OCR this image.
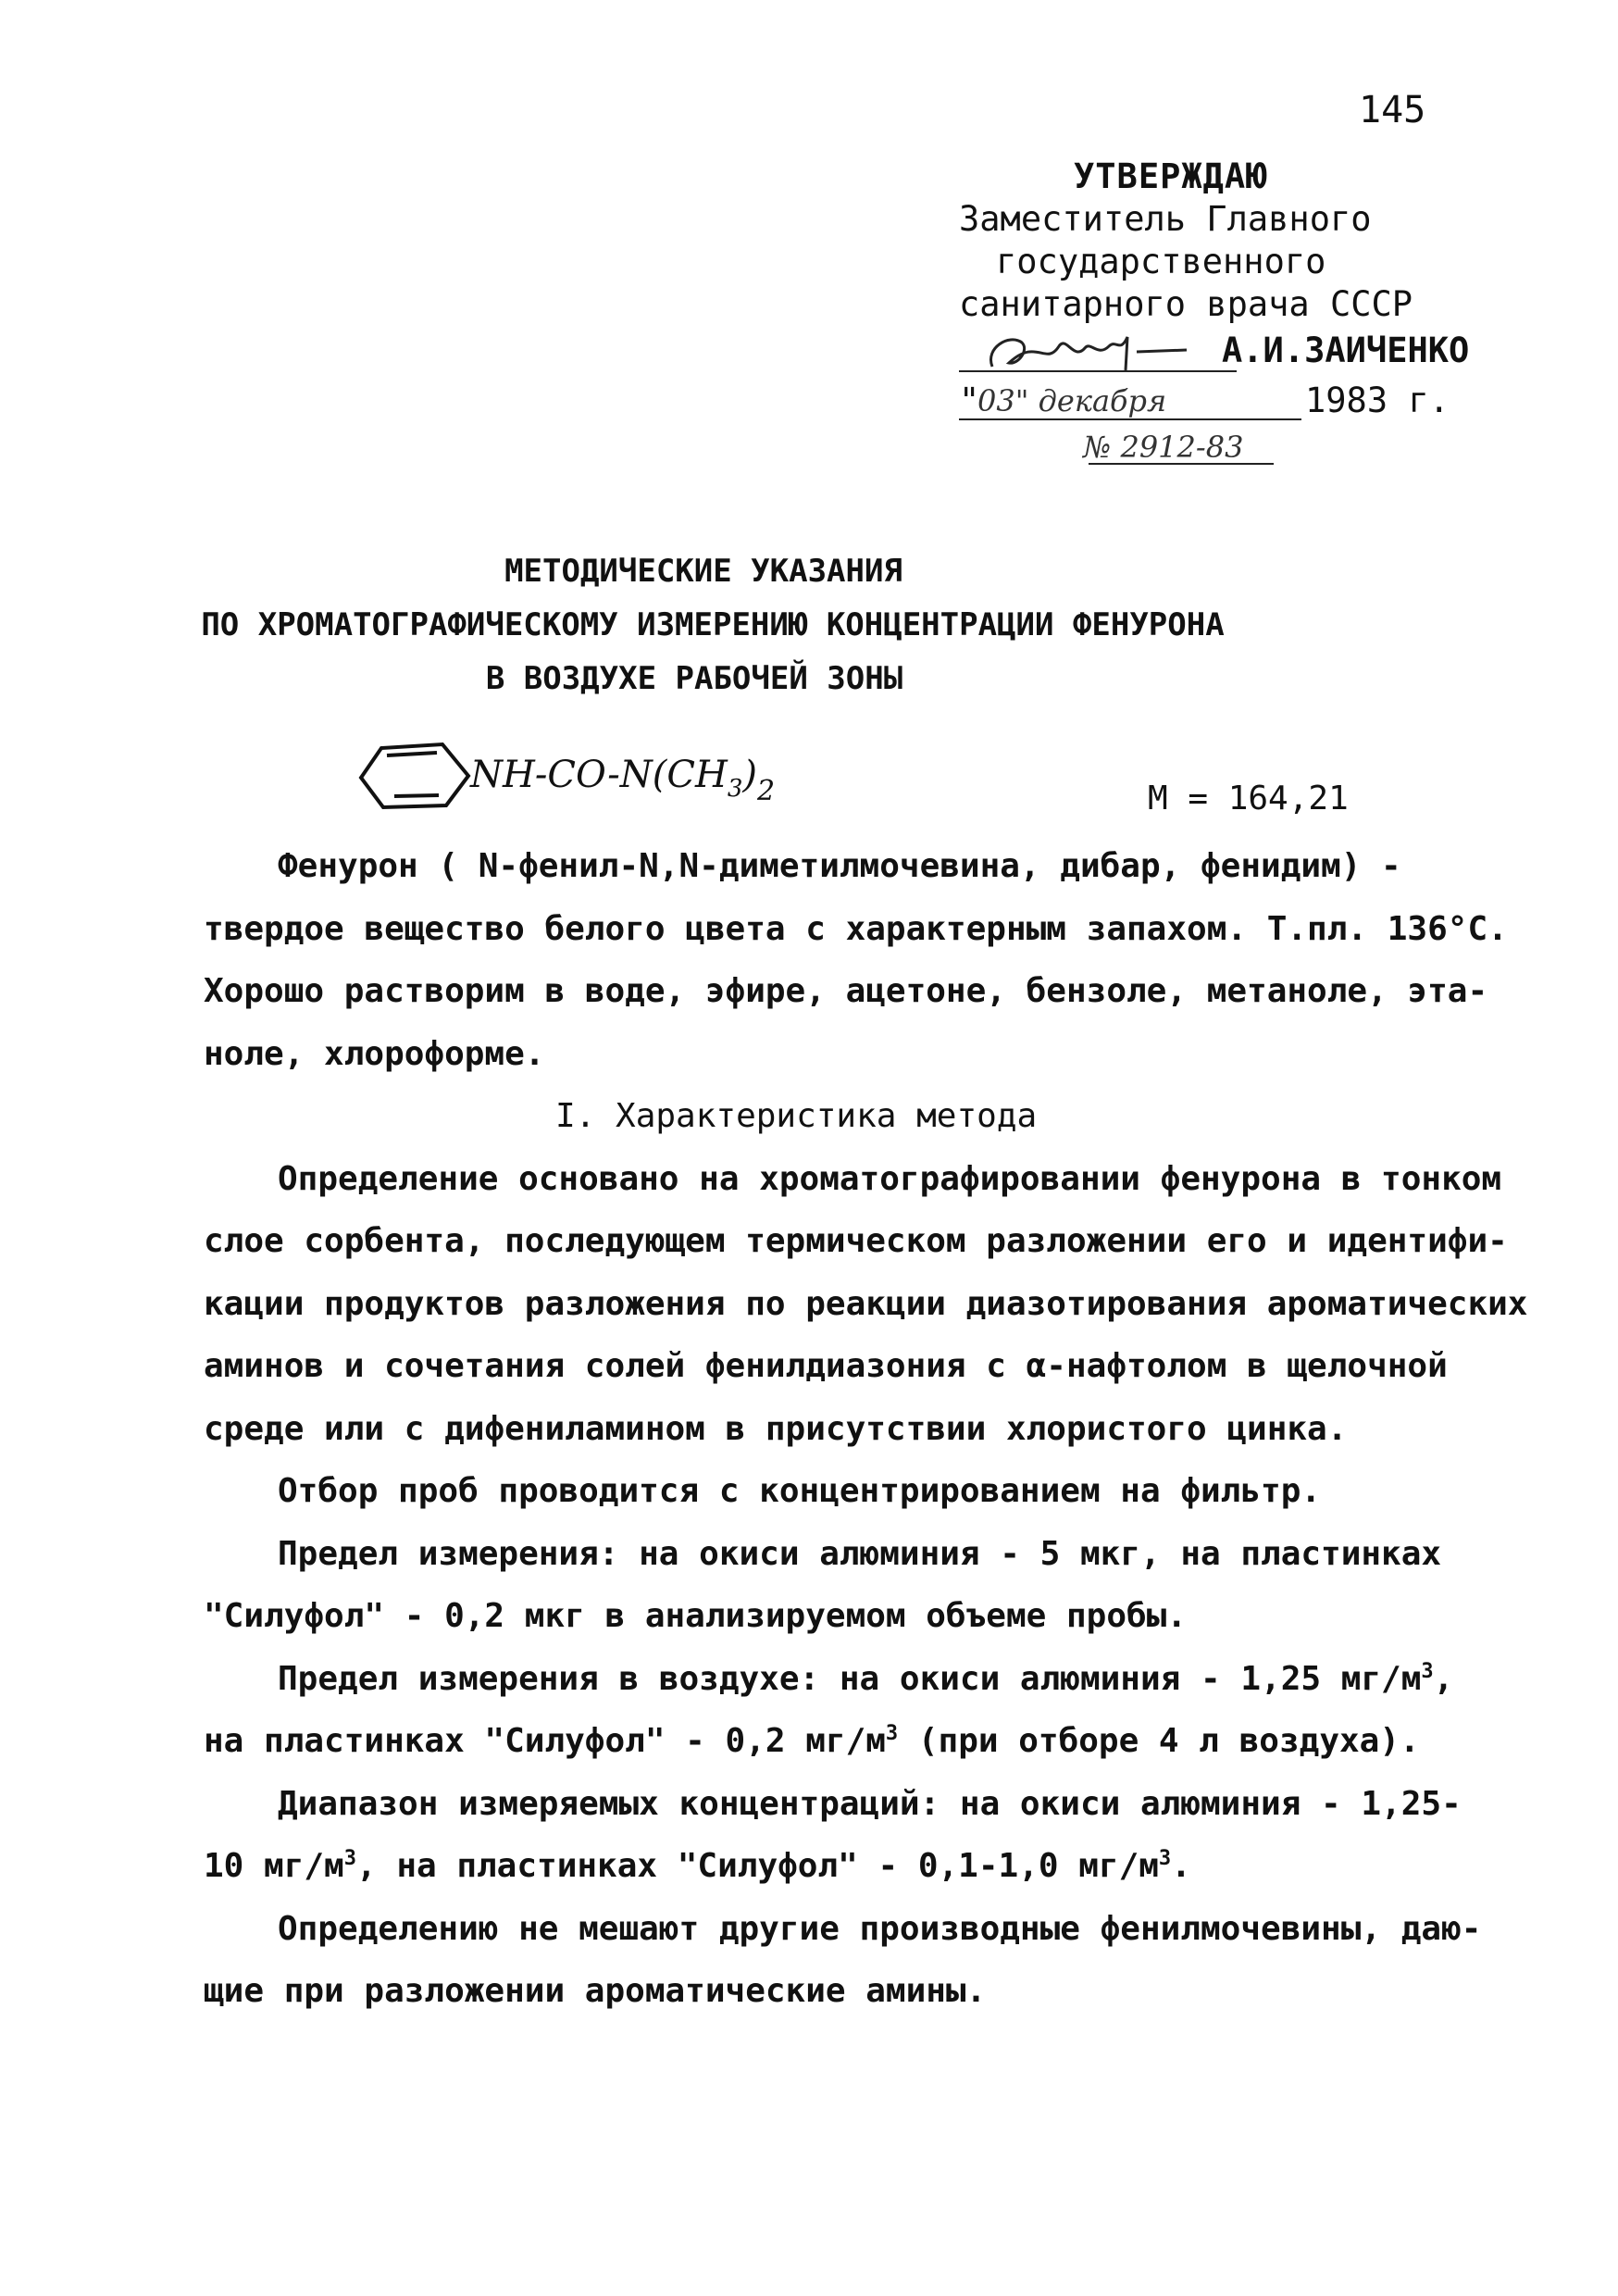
145
УТВЕРЖДАЮ
Заместитель Главного
государственного
санитарного врача СССР
А.И.ЗАИЧЕНКО
"
03" декабря	1983 г.
№ 2912-83
МЕТОДИЧЕСКИЕ УКАЗАНИЯ
ПО ХРОМАТОГРАФИЧЕСКОМУ ИЗМЕРЕНИЮ КОНЦЕНТРАЦИИ ФЕНУРОНА
В ВОЗДУХЕ РАБОЧЕЙ ЗОНЫ
$NH-CO-N(CH_3)_2$	М = 164,21
Фенурон ( N-фенил-N,N-диметилмочевина, дибар, фенидим) -
твердое вещество белого цвета с характерным запахом. Т.пл. 136°С.
Хорошо растворим в воде, эфире, ацетоне, бензоле, метаноле, эта-
ноле, хлороформе.
I. Характеристика метода
Определение основано на хроматографировании фенурона в тонком
слое сорбента, последующем термическом разложении его и идентифи-
кации продуктов разложения по реакции диазотирования ароматических
аминов и сочетания солей фенилдиазония с α-нафтолом в щелочной
среде или с дифениламином в присутствии хлористого цинка.
Отбор проб проводится с концентрированием на фильтр.
Предел измерения: на окиси алюминия - 5 мкг, на пластинках
"Силуфол" - 0,2 мкг в анализируемом объеме пробы.
Предел измерения в воздухе: на окиси алюминия - 1,25 $мг/м^3$,
на пластинках "Силуфол" - 0,2 $мг/м^3$ (при отборе 4 л воздуха).
Диапазон измеряемых концентраций: на окиси алюминия - 1,25-
10 $мг/м^3$, на пластинках "Силуфол" - 0,1-1,0 $мг/м^3$.
Определению не мешают другие производные фенилмочевины, даю-
щие при разложении ароматические амины.
